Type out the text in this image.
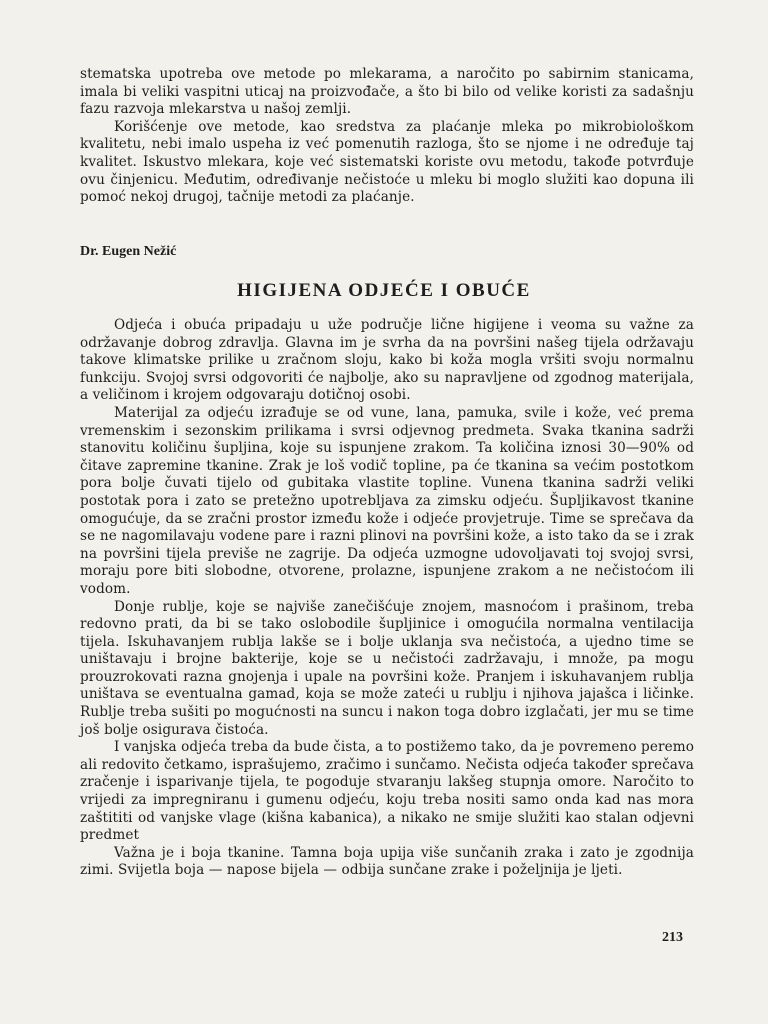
stematska upotreba ove metode po mlekarama, a naročito po sabirnim stanicama, imala bi veliki vaspitni uticaj na proizvođače, a što bi bilo od velike koristi za sadašnju fazu razvoja mlekarstva u našoj zemlji.

Korišćenje ove metode, kao sredstva za plaćanje mleka po mikrobiološkom kvalitetu, nebi imalo uspeha iz već pomenutih razloga, što se njome i ne određuje taj kvalitet. Iskustvo mlekara, koje već sistematski koriste ovu metodu, takođe potvrđuje ovu činjenicu. Međutim, određivanje nečistoće u mleku bi moglo služiti kao dopuna ili pomoć nekoj drugoj, tačnije metodi za plaćanje.

Dr. Eugen Nežić
HIGIJENA ODJEĆE I OBUĆE

Odjeća i obuća pripadaju u uže područje lične higijene i veoma su važne za održavanje dobrog zdravlja. Glavna im je svrha da na površini našeg tijela održavaju takove klimatske prilike u zračnom sloju, kako bi koža mogla vršiti svoju normalnu funkciju. Svojoj svrsi odgovoriti će najbolje, ako su napravljene od zgodnog materijala, a veličinom i krojem odgovaraju dotičnoj osobi.

Materijal za odjeću izrađuje se od vune, lana, pamuka, svile i kože, već prema vremenskim i sezonskim prilikama i svrsi odjevnog predmeta. Svaka tkanina sadrži stanovitu količinu šupljina, koje su ispunjene zrakom. Ta količina iznosi 30—90% od čitave zapremine tkanine. Zrak je loš vodič topline, pa će tkanina sa većim postotkom pora bolje čuvati tijelo od gubitaka vlastite topline. Vunena tkanina sadrži veliki postotak pora i zato se pretežno upotrebljava za zimsku odjeću. Šupljikavost tkanine omogućuje, da se zračni prostor između kože i odjeće provjetruje. Time se sprečava da se ne nagomilavaju vodene pare i razni plinovi na površini kože, a isto tako da se i zrak na površini tijela previše ne zagrije. Da odjeća uzmogne udovoljavati toj svojoj svrsi, moraju pore biti slobodne, otvorene, prolazne, ispunjene zrakom a ne nečistoćom ili vodom.

Donje rublje, koje se najviše zanečišćuje znojem, masnoćom i prašinom, treba redovno prati, da bi se tako oslobodile šupljinice i omogućila normalna ventilacija tijela. Iskuhavanjem rublja lakše se i bolje uklanja sva nečistoća, a ujedno time se uništavaju i brojne bakterije, koje se u nečistoći zadržavaju, i množe, pa mogu prouzrokovati razna gnojenja i upale na površini kože. Pranjem i iskuhavanjem rublja uništava se eventualna gamad, koja se može zateći u rublju i njihova jajašca i ličinke. Rublje treba sušiti po mogućnosti na suncu i nakon toga dobro izglačati, jer mu se time još bolje osigurava čistoća.

I vanjska odjeća treba da bude čista, a to postižemo tako, da je povremeno peremo ali redovito četkamo, isprašujemo, zračimo i sunčamo. Nečista odjeća također sprečava zračenje i isparivanje tijela, te pogoduje stvaranju lakšeg stupnja omore. Naročito to vrijedi za impregniranu i gumenu odjeću, koju treba nositi samo onda kad nas mora zaštititi od vanjske vlage (kišna kabanica), a nikako ne smije služiti kao stalan odjevni predmet

Važna je i boja tkanine. Tamna boja upija više sunčanih zraka i zato je zgodnija zimi. Svijetla boja — napose bijela — odbija sunčane zrake i poželjnija je ljeti.

213
